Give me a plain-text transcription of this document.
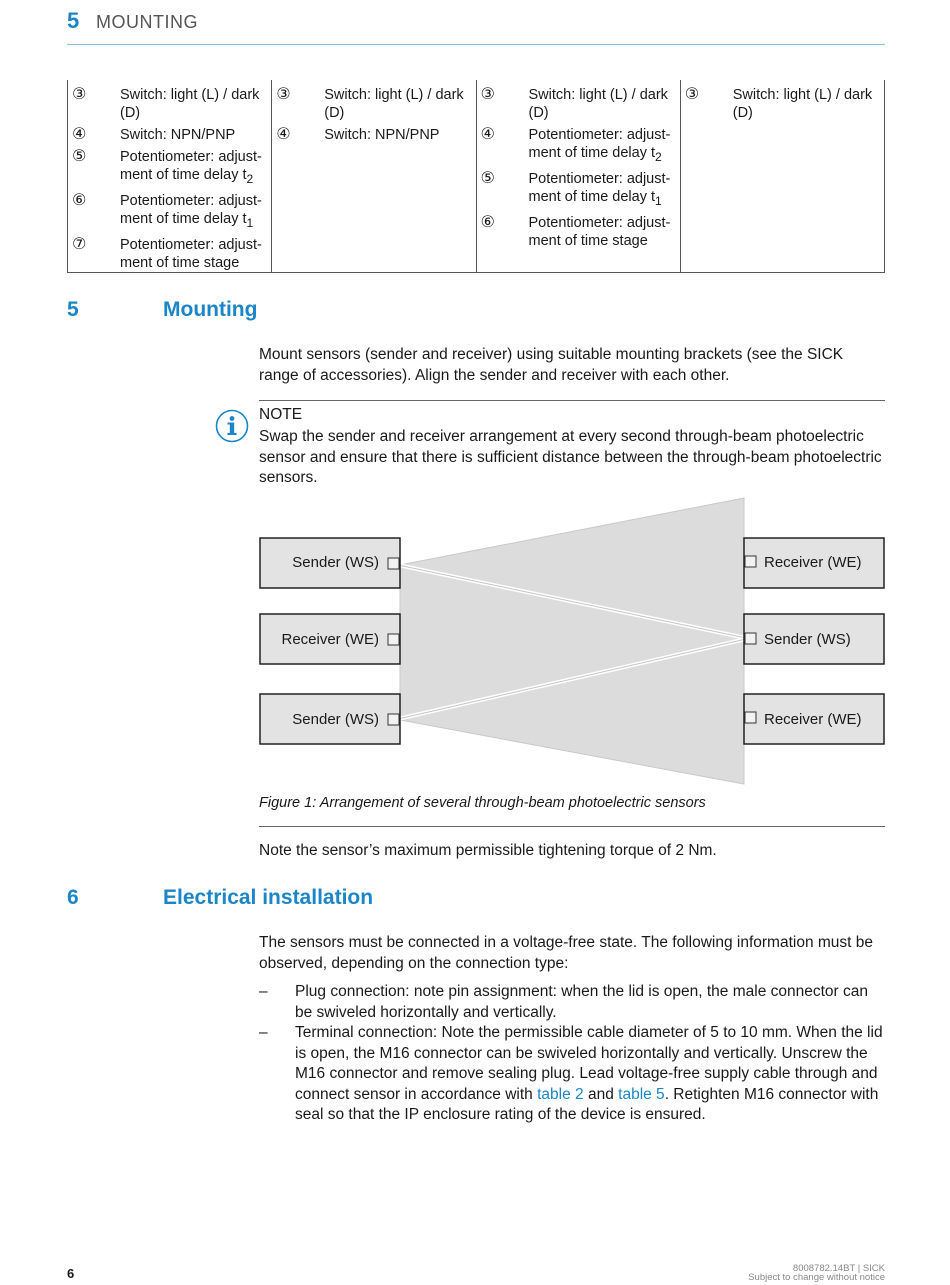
5 MOUNTING
③	Switch: light (L) / dark (D)
④	Switch: NPN/PNP
⑤	Potentiometer: adjustment of time delay $t_2$
⑥	Potentiometer: adjustment of time delay $t_1$
⑦	Potentiometer: adjustment of time stage
③	Switch: light (L) / dark (D)
④	Switch: NPN/PNP
③	Switch: light (L) / dark (D)
④	Potentiometer: adjustment of time delay $t_2$
⑤	Potentiometer: adjustment of time delay $t_1$
⑥	Potentiometer: adjustment of time stage
③	Switch: light (L) / dark (D)
5	Mounting
Mount sensors (sender and receiver) using suitable mounting brackets (see the SICK range of accessories). Align the sender and receiver with each other.
NOTE
Swap the sender and receiver arrangement at every second through-beam photoelectric sensor and ensure that there is sufficient distance between the through-beam photoelectric sensors.
Sender (WS)
Receiver (WE)
Sender (WS)
Receiver (WE)
Sender (WS)
Receiver (WE)
Figure 1: Arrangement of several through-beam photoelectric sensors
Note the sensor’s maximum permissible tightening torque of 2 Nm.
6	Electrical installation
The sensors must be connected in a voltage-free state. The following information must be observed, depending on the connection type:
–	Plug connection: note pin assignment: when the lid is open, the male connector can be swiveled horizontally and vertically.
–	Terminal connection: Note the permissible cable diameter of 5 to 10 mm. When the lid is open, the M16 connector can be swiveled horizontally and vertically. Unscrew the M16 connector and remove sealing plug. Lead voltage-free supply cable through and connect sensor in accordance with table 2 and table 5. Retighten M16 connector with seal so that the IP enclosure rating of the device is ensured.
6	8008782.14BT | SICK
Subject to change without notice
